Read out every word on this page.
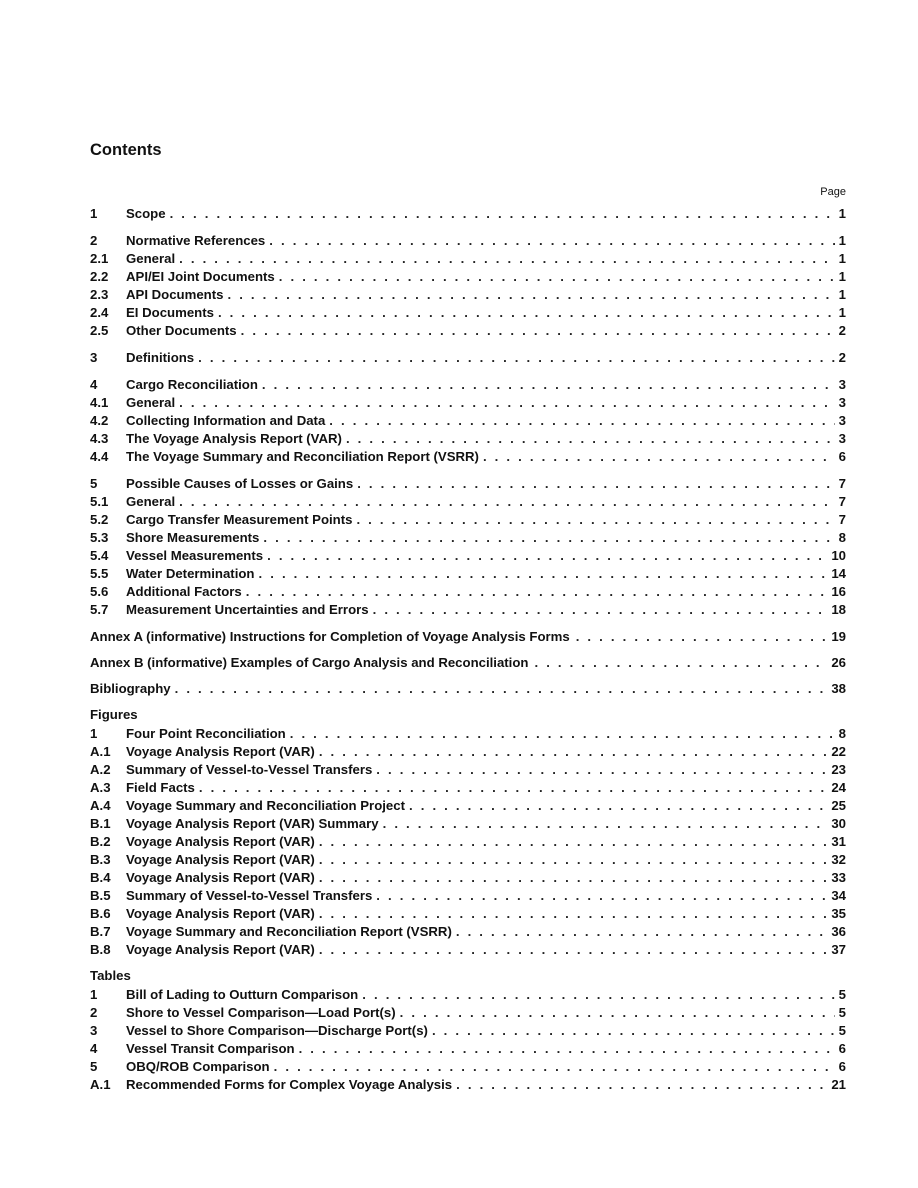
Contents
Page
1	Scope . . .	1
2	Normative References . . .	1
2.1	General . . .	1
2.2	API/EI Joint Documents . . .	1
2.3	API Documents . . .	1
2.4	EI Documents . . .	1
2.5	Other Documents . . .	2
3	Definitions . . .	2
4	Cargo Reconciliation . . .	3
4.1	General . . .	3
4.2	Collecting Information and Data . . .	3
4.3	The Voyage Analysis Report (VAR) . . .	3
4.4	The Voyage Summary and Reconciliation Report (VSRR) . . .	6
5	Possible Causes of Losses or Gains . . .	7
5.1	General . . .	7
5.2	Cargo Transfer Measurement Points . . .	7
5.3	Shore Measurements . . .	8
5.4	Vessel Measurements . . .	10
5.5	Water Determination . . .	14
5.6	Additional Factors . . .	16
5.7	Measurement Uncertainties and Errors . . .	18
Annex A (informative) Instructions for Completion of Voyage Analysis Forms . . .	19
Annex B (informative) Examples of Cargo Analysis and Reconciliation . . .	26
Bibliography . . .	38
Figures
1	Four Point Reconciliation . . .	8
A.1	Voyage Analysis Report (VAR) . . .	22
A.2	Summary of Vessel-to-Vessel Transfers . . .	23
A.3	Field Facts . . .	24
A.4	Voyage Summary and Reconciliation Project . . .	25
B.1	Voyage Analysis Report (VAR) Summary . . .	30
B.2	Voyage Analysis Report (VAR) . . .	31
B.3	Voyage Analysis Report (VAR) . . .	32
B.4	Voyage Analysis Report (VAR) . . .	33
B.5	Summary of Vessel-to-Vessel Transfers . . .	34
B.6	Voyage Analysis Report (VAR) . . .	35
B.7	Voyage Summary and Reconciliation Report (VSRR) . . .	36
B.8	Voyage Analysis Report (VAR) . . .	37
Tables
1	Bill of Lading to Outturn Comparison . . .	5
2	Shore to Vessel Comparison—Load Port(s) . . .	5
3	Vessel to Shore Comparison—Discharge Port(s) . . .	5
4	Vessel Transit Comparison . . .	6
5	OBQ/ROB Comparison . . .	6
A.1	Recommended Forms for Complex Voyage Analysis . . .	21
